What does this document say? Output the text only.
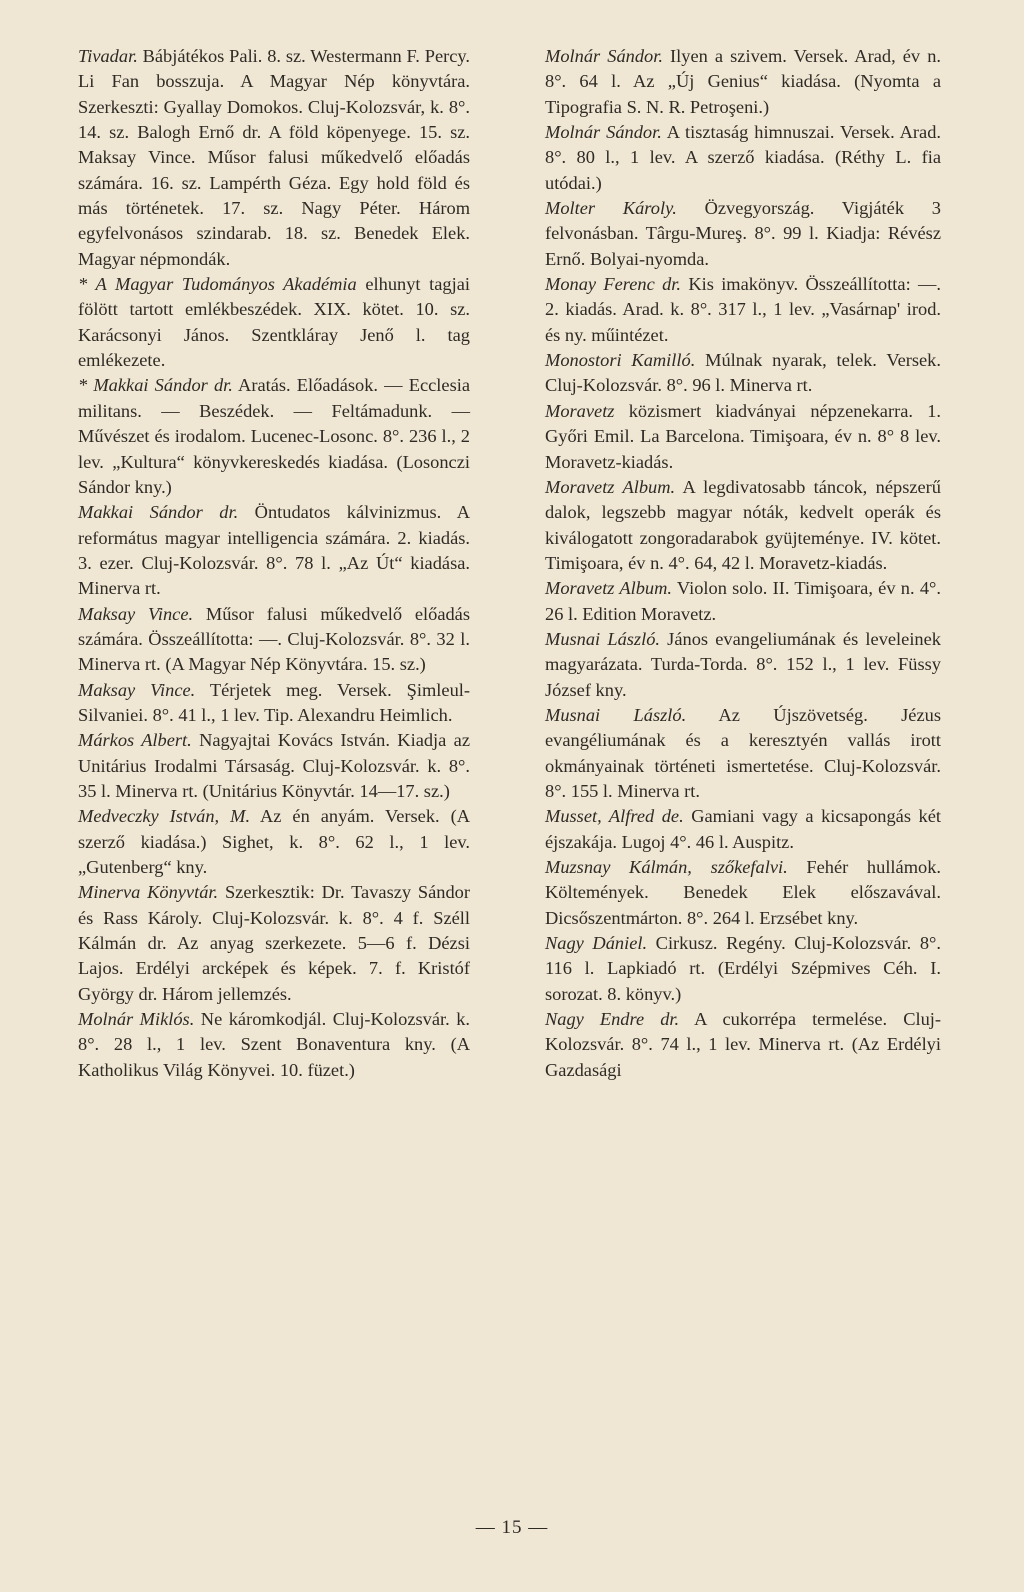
Tivadar. Bábjátékos Pali. 8. sz. Westermann F. Percy. Li Fan bosszuja. A Magyar Nép könyvtára. Szerkeszti: Gyallay Domokos. Cluj-Kolozsvár, k. 8°. 14. sz. Balogh Ernő dr. A föld köpenyege. 15. sz. Maksay Vince. Műsor falusi műkedvelő előadás számára. 16. sz. Lampérth Géza. Egy hold föld és más történetek. 17. sz. Nagy Péter. Három egyfelvonásos szindarab. 18. sz. Benedek Elek. Magyar népmondák.

* A Magyar Tudományos Akadémia elhunyt tagjai fölött tartott emlékbeszédek. XIX. kötet. 10. sz. Karácsonyi János. Szentkláray Jenő l. tag emlékezete.

* Makkai Sándor dr. Aratás. Előadások. — Ecclesia militans. — Beszédek. — Feltámadunk. — Művészet és irodalom. Lucenec-Losonc. 8°. 236 l., 2 lev. „Kultura“ könyvkereskedés kiadása. (Losonczi Sándor kny.)

Makkai Sándor dr. Öntudatos kálvinizmus. A református magyar intelligencia számára. 2. kiadás. 3. ezer. Cluj-Kolozsvár. 8°. 78 l. „Az Út“ kiadása. Minerva rt.

Maksay Vince. Műsor falusi műkedvelő előadás számára. Összeállította: —. Cluj-Kolozsvár. 8°. 32 l. Minerva rt. (A Magyar Nép Könyvtára. 15. sz.)

Maksay Vince. Térjetek meg. Versek. Şimleul-Silvaniei. 8°. 41 l., 1 lev. Tip. Alexandru Heimlich.

Márkos Albert. Nagyajtai Kovács István. Kiadja az Unitárius Irodalmi Társaság. Cluj-Kolozsvár. k. 8°. 35 l. Minerva rt. (Unitárius Könyvtár. 14—17. sz.)

Medveczky István, M. Az én anyám. Versek. (A szerző kiadása.) Sighet, k. 8°. 62 l., 1 lev. „Gutenberg“ kny.

Minerva Könyvtár. Szerkesztik: Dr. Tavaszy Sándor és Rass Károly. Cluj-Kolozsvár. k. 8°. 4 f. Széll Kálmán dr. Az anyag szerkezete. 5—6 f. Dézsi Lajos. Erdélyi arcképek és képek. 7. f. Kristóf György dr. Három jellemzés.

Molnár Miklós. Ne káromkodjál. Cluj-Kolozsvár. k. 8°. 28 l., 1 lev. Szent Bonaventura kny. (A Katholikus Világ Könyvei. 10. füzet.)

Molnár Sándor. Ilyen a szivem. Versek. Arad, év n. 8°. 64 l. Az „Új Genius“ kiadása. (Nyomta a Tipografia S. N. R. Petroşeni.)

Molnár Sándor. A tisztaság himnuszai. Versek. Arad. 8°. 80 l., 1 lev. A szerző kiadása. (Réthy L. fia utódai.)

Molter Károly. Özvegyország. Vigjáték 3 felvonásban. Târgu-Mureş. 8°. 99 l. Kiadja: Révész Ernő. Bolyai-nyomda.

Monay Ferenc dr. Kis imakönyv. Összeállította: —. 2. kiadás. Arad. k. 8°. 317 l., 1 lev. „Vasárnap' irod. és ny. műintézet.

Monostori Kamilló. Múlnak nyarak, telek. Versek. Cluj-Kolozsvár. 8°. 96 l. Minerva rt.

Moravetz közismert kiadványai népzenekarra. 1. Győri Emil. La Barcelona. Timişoara, év n. 8° 8 lev. Moravetz-kiadás.

Moravetz Album. A legdivatosabb táncok, népszerű dalok, legszebb magyar nóták, kedvelt operák és kiválogatott zongoradarabok gyüjteménye. IV. kötet. Timişoara, év n. 4°. 64, 42 l. Moravetz-kiadás.

Moravetz Album. Violon solo. II. Timişoara, év n. 4°. 26 l. Edition Moravetz.

Musnai László. János evangeliumának és leveleinek magyarázata. Turda-Torda. 8°. 152 l., 1 lev. Füssy József kny.

Musnai László. Az Újszövetség. Jézus evangéliumának és a keresztyén vallás irott okmányainak történeti ismertetése. Cluj-Kolozsvár. 8°. 155 l. Minerva rt.

Musset, Alfred de. Gamiani vagy a kicsapongás két éjszakája. Lugoj 4°. 46 l. Auspitz.

Muzsnay Kálmán, szőkefalvi. Fehér hullámok. Költemények. Benedek Elek előszavával. Dicsőszentmárton. 8°. 264 l. Erzsébet kny.

Nagy Dániel. Cirkusz. Regény. Cluj-Kolozsvár. 8°. 116 l. Lapkiadó rt. (Erdélyi Szépmives Céh. I. sorozat. 8. könyv.)

Nagy Endre dr. A cukorrépa termelése. Cluj-Kolozsvár. 8°. 74 l., 1 lev. Minerva rt. (Az Erdélyi Gazdasági

— 15 —
